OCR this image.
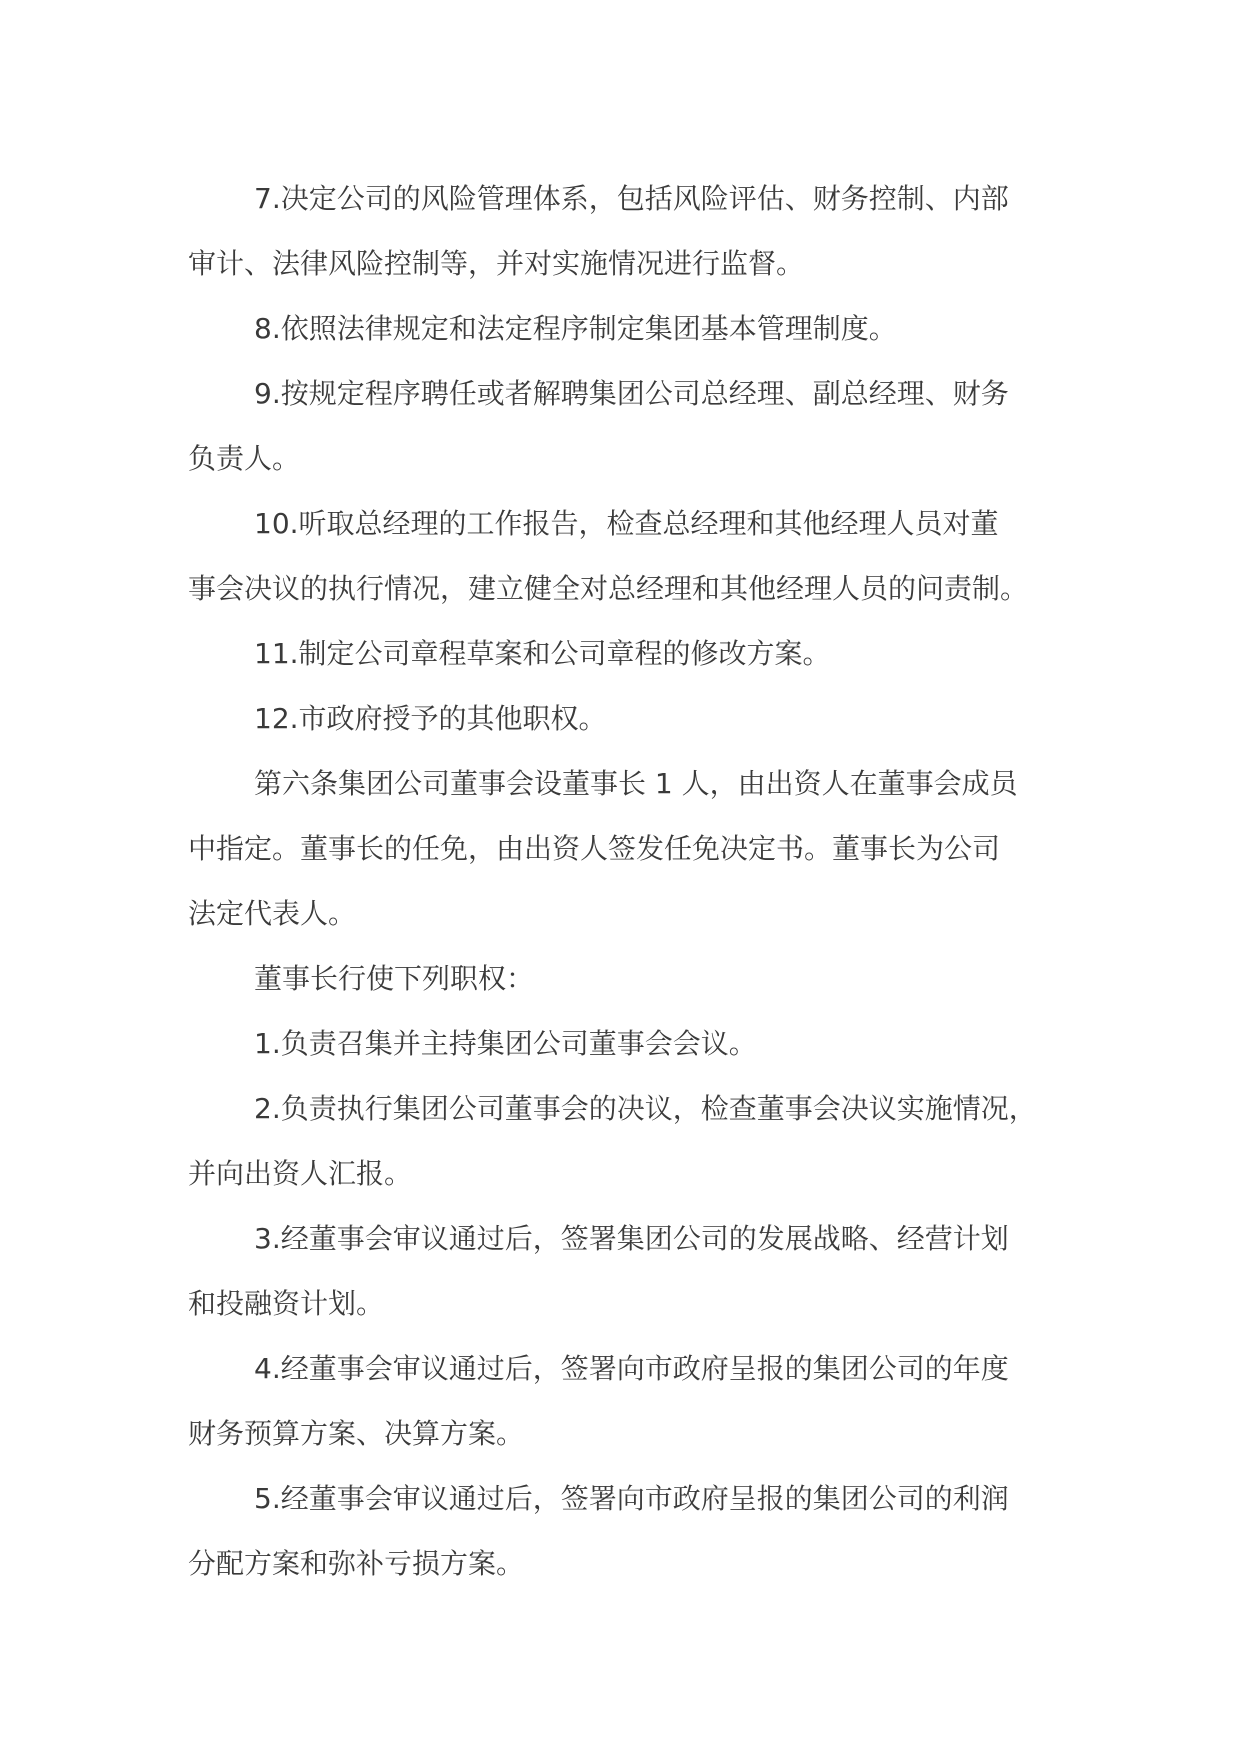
7.决定公司的风险管理体系，包括风险评估、财务控制、内部
审计、法律风险控制等，并对实施情况进行监督。
8.依照法律规定和法定程序制定集团基本管理制度。
9.按规定程序聘任或者解聘集团公司总经理、副总经理、财务
负责人。
10.听取总经理的工作报告，检查总经理和其他经理人员对董
事会决议的执行情况，建立健全对总经理和其他经理人员的问责制。
11.制定公司章程草案和公司章程的修改方案。
12.市政府授予的其他职权。
第六条集团公司董事会设董事长 1 人，由出资人在董事会成员
中指定。董事长的任免，由出资人签发任免决定书。董事长为公司
法定代表人。
董事长行使下列职权：
1.负责召集并主持集团公司董事会会议。
2.负责执行集团公司董事会的决议，检查董事会决议实施情况，
并向出资人汇报。
3.经董事会审议通过后，签署集团公司的发展战略、经营计划
和投融资计划。
4.经董事会审议通过后，签署向市政府呈报的集团公司的年度
财务预算方案、决算方案。
5.经董事会审议通过后，签署向市政府呈报的集团公司的利润
分配方案和弥补亏损方案。
